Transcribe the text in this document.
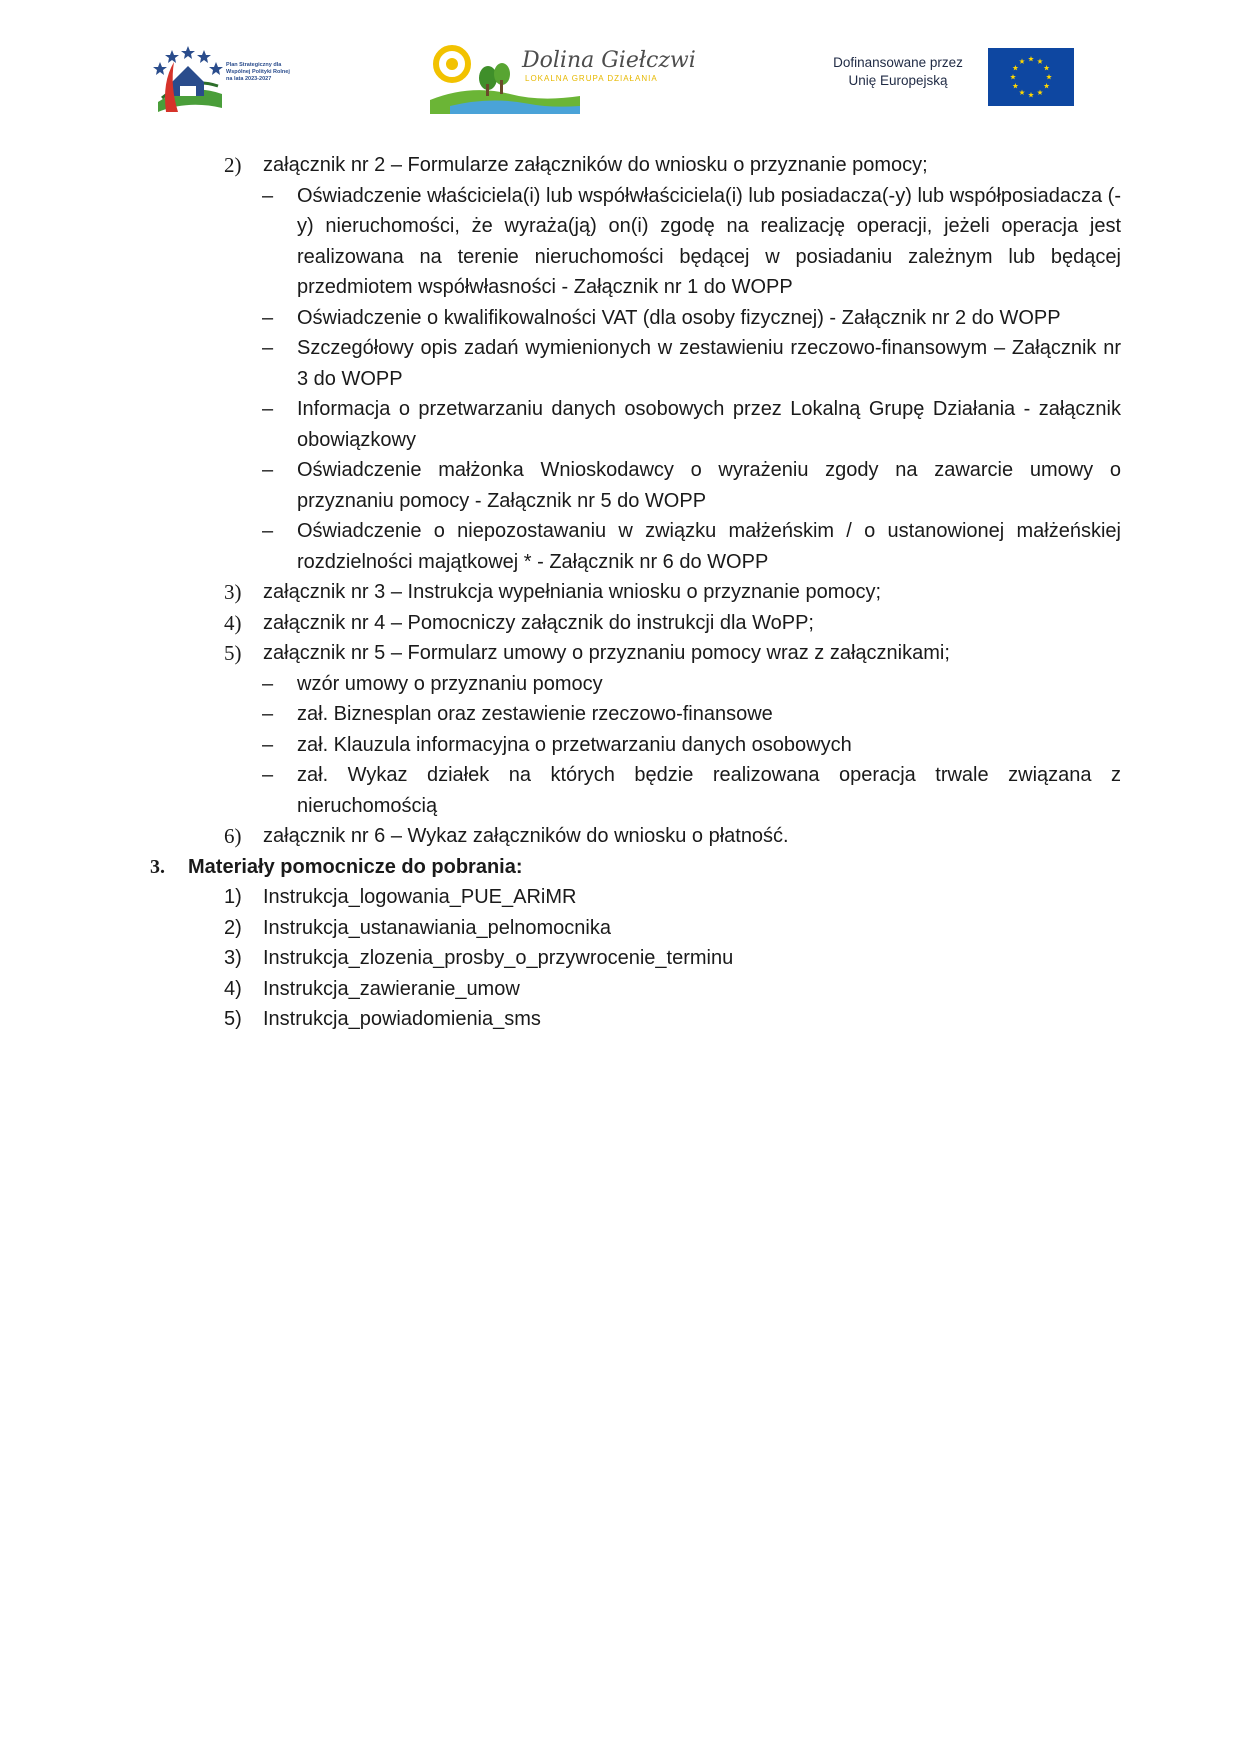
Plan Strategiczny dla Wspólnej Polityki Rolnej na lata 2023-2027
Dolina Giełczwi
LOKALNA GRUPA DZIAŁANIA
Dofinansowane przez
Unię Europejską
2) załącznik nr 2 – Formularze załączników do wniosku o przyznanie pomocy;
– Oświadczenie właściciela(i) lub współwłaściciela(i) lub posiadacza(-y) lub współposiadacza (-y) nieruchomości, że wyraża(ją) on(i) zgodę na realizację operacji, jeżeli operacja jest realizowana na terenie nieruchomości będącej w posiadaniu zależnym lub będącej przedmiotem współwłasności - Załącznik nr 1 do WOPP
– Oświadczenie o kwalifikowalności VAT (dla osoby fizycznej) - Załącznik nr 2 do WOPP
– Szczegółowy opis zadań wymienionych w zestawieniu rzeczowo-finansowym – Załącznik nr 3 do WOPP
– Informacja o przetwarzaniu danych osobowych przez Lokalną Grupę Działania - załącznik obowiązkowy
– Oświadczenie małżonka Wnioskodawcy o wyrażeniu zgody na zawarcie umowy o przyznaniu pomocy - Załącznik nr 5 do WOPP
– Oświadczenie o niepozostawaniu w związku małżeńskim / o ustanowionej małżeńskiej rozdzielności majątkowej * - Załącznik nr 6 do WOPP
3) załącznik nr 3 – Instrukcja wypełniania wniosku o przyznanie pomocy;
4) załącznik nr 4 – Pomocniczy załącznik do instrukcji dla WoPP;
5) załącznik nr 5 – Formularz umowy o przyznaniu pomocy wraz z załącznikami;
– wzór umowy o przyznaniu pomocy
– zał. Biznesplan oraz zestawienie rzeczowo-finansowe
– zał. Klauzula informacyjna o przetwarzaniu danych osobowych
– zał. Wykaz działek na których będzie realizowana operacja trwale związana z nieruchomością
6) załącznik nr 6 – Wykaz załączników do wniosku o płatność.
3. Materiały pomocnicze do pobrania:
1) Instrukcja_logowania_PUE_ARiMR
2) Instrukcja_ustanawiania_pelnomocnika
3) Instrukcja_zlozenia_prosby_o_przywrocenie_terminu
4) Instrukcja_zawieranie_umow
5) Instrukcja_powiadomienia_sms
